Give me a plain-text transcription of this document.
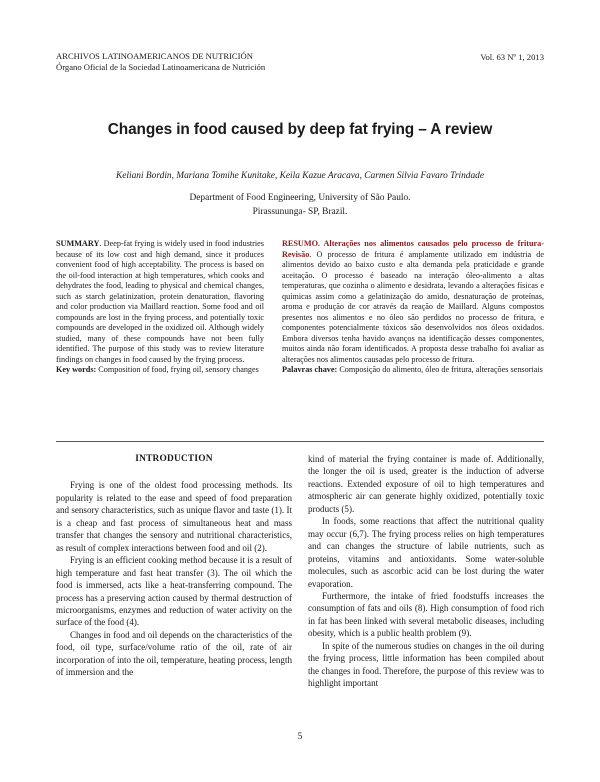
ARCHIVOS LATINOAMERICANOS DE NUTRICIÓN
Órgano Oficial de la Sociedad Latinoamericana de Nutrición
Vol. 63 Nº 1, 2013
Changes in food caused by deep fat frying – A review
Keliani Bordin, Mariana Tomihe Kunitake, Keila Kazue Aracava, Carmen Silvia Favaro Trindade
Department of Food Engineering, University of São Paulo.
Pirassununga- SP, Brazil.
SUMMARY. Deep-fat frying is widely used in food industries because of its low cost and high demand, since it produces convenient food of high acceptability. The process is based on the oil-food interaction at high temperatures, which cooks and dehydrates the food, leading to physical and chemical changes, such as starch gelatinization, protein denaturation, flavoring and color production via Maillard reaction. Some food and oil compounds are lost in the frying process, and potentially toxic compounds are developed in the oxidized oil. Although widely studied, many of these compounds have not been fully identified. The purpose of this study was to review literature findings on changes in food caused by the frying process.
Key words: Composition of food, frying oil, sensory changes
RESUMO. Alterações nos alimentos causados pelo processo de fritura- Revisão. O processo de fritura é amplamente utilizado em indústria de alimentos devido ao baixo custo e alta demanda pela praticidade e grande aceitação. O processo é baseado na interação óleo-alimento a altas temperaturas, que cozinha o alimento e desidrata, levando a alterações físicas e químicas assim como a gelatinização do amido, desnaturação de proteínas, aroma e produção de cor através da reação de Maillard. Alguns compostos presentes nos alimentos e no óleo são perdidos no processo de fritura, e componentes potencialmente tóxicos são desenvolvidos nos óleos oxidados. Embora diversos tenha havido avanços na identificação desses componentes, muitos ainda não foram identificados. A proposta desse trabalho foi avaliar as alterações nos alimentos causadas pelo processo de fritura.
Palavras chave: Composição do alimento, óleo de fritura, alterações sensoriais
INTRODUCTION

Frying is one of the oldest food processing methods. Its popularity is related to the ease and speed of food preparation and sensory characteristics, such as unique flavor and taste (1). It is a cheap and fast process of simultaneous heat and mass transfer that changes the sensory and nutritional characteristics, as result of complex interactions between food and oil (2).

Frying is an efficient cooking method because it is a result of high temperature and fast heat transfer (3). The oil which the food is immersed, acts like a heat-transferring compound. The process has a preserving action caused by thermal destruction of microorganisms, enzymes and reduction of water activity on the surface of the food (4).

Changes in food and oil depends on the characteristics of the food, oil type, surface/volume ratio of the oil, rate of air incorporation of into the oil, temperature, heating process, length of immersion and the

kind of material the frying container is made of. Additionally, the longer the oil is used, greater is the induction of adverse reactions. Extended exposure of oil to high temperatures and atmospheric air can generate highly oxidized, potentially toxic products (5).

In foods, some reactions that affect the nutritional quality may occur (6,7). The frying process relies on high temperatures and can changes the structure of labile nutrients, such as proteins, vitamins and antioxidants. Some water-soluble molecules, such as ascorbic acid can be lost during the water evaporation.

Furthermore, the intake of fried foodstuffs increases the consumption of fats and oils (8). High consumption of food rich in fat has been linked with several metabolic diseases, including obesity, which is a public health problem (9).

In spite of the numerous studies on changes in the oil during the frying process, little information has been compiled about the changes in food. Therefore, the purpose of this review was to highlight important

5
